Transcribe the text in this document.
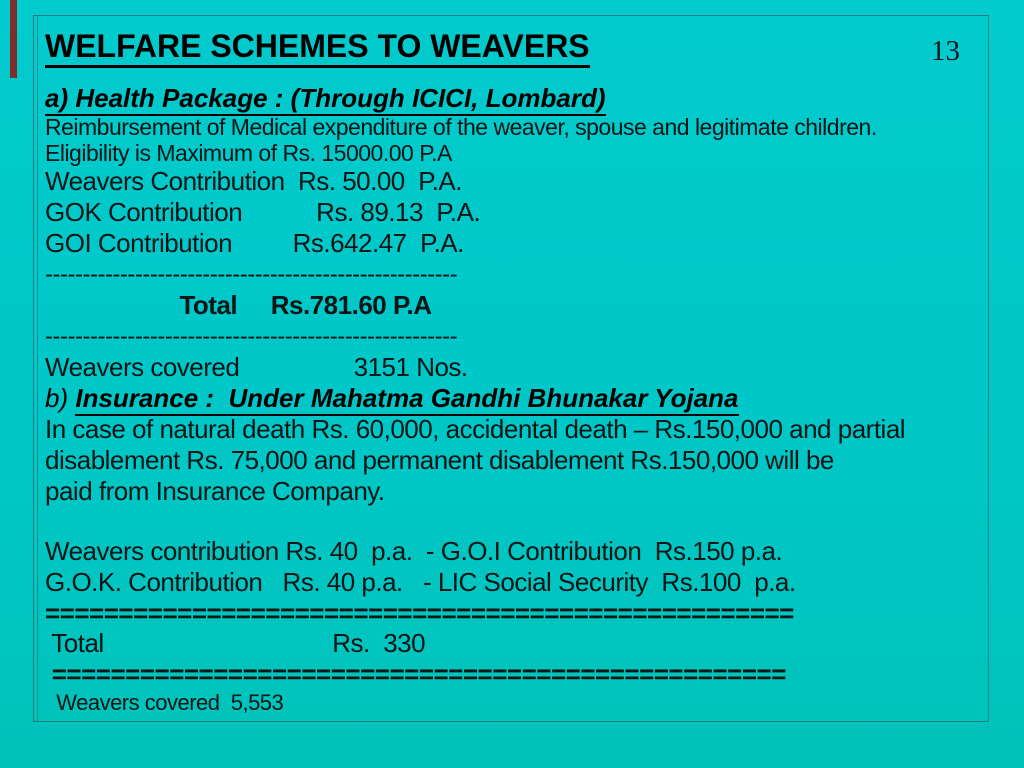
WELFARE SCHEMES TO WEAVERS	13
a) Health Package : (Through ICICI, Lombard)
Reimbursement of Medical expenditure of the weaver, spouse and legitimate children.
Eligibility is Maximum of Rs. 15000.00 P.A
Weavers Contribution  Rs. 50.00  P.A.
GOK Contribution           Rs. 89.13  P.A.
GOI Contribution         Rs.642.47  P.A.
-------------------------------------------------------
Total     Rs.781.60 P.A
-------------------------------------------------------
Weavers covered                 3151 Nos.
b) Insurance :  Under Mahatma Gandhi Bhunakar Yojana
In case of natural death Rs. 60,000, accidental death – Rs.150,000 and partial
disablement Rs. 75,000 and permanent disablement Rs.150,000 will be
paid from Insurance Company.
Weavers contribution Rs. 40  p.a.  - G.O.I Contribution  Rs.150 p.a.
G.O.K. Contribution   Rs. 40 p.a.   - LIC Social Security  Rs.100  p.a.
===================================================
Total                                  Rs.  330
==================================================
Weavers covered  5,553
